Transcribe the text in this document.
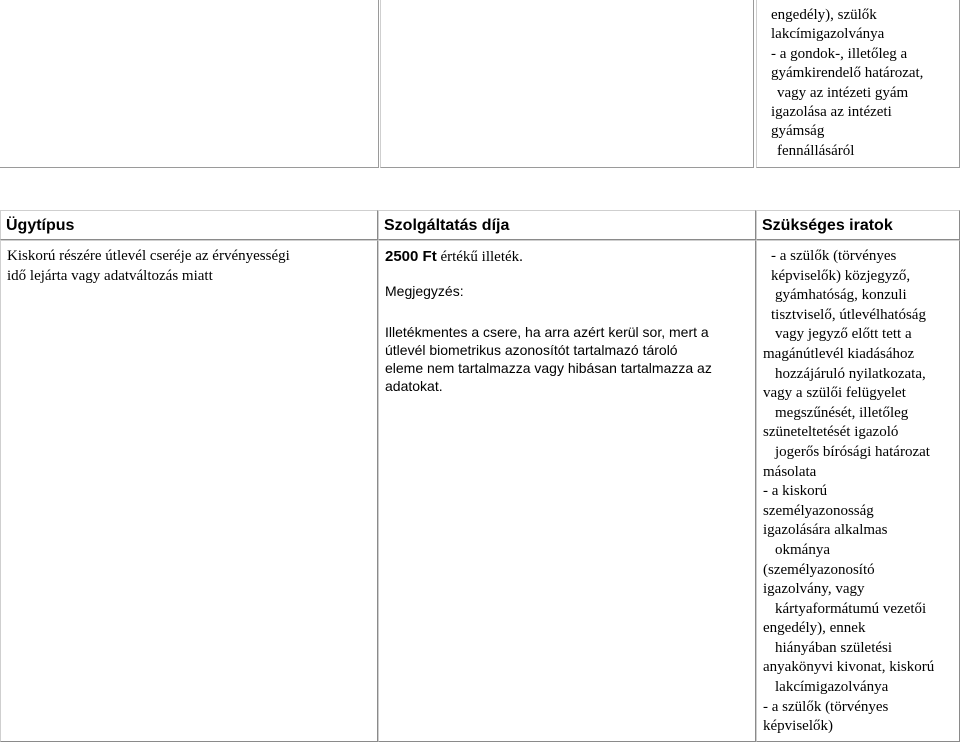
engedély), szülők
lakcímigazolványa
- a gondok-, illetőleg a
gyámkirendelő határozat,
vagy az intézeti gyám
igazolása az intézeti
gyámság
fennállásáról
Ügytípus	Szolgáltatás díja	Szükséges iratok
Kiskorú részére útlevél cseréje az érvényességi
idő lejárta vagy adatváltozás miatt
2500 Ft értékű illeték.
Megjegyzés:
Illetékmentes a csere, ha arra azért kerül sor, mert a
útlevél biometrikus azonosítót tartalmazó tároló
eleme nem tartalmazza vagy hibásan tartalmazza az
adatokat.
- a szülők (törvényes
képviselők) közjegyző,
gyámhatóság, konzuli
tisztviselő, útlevélhatóság
vagy jegyző előtt tett a
magánútlevél kiadásához
hozzájáruló nyilatkozata,
vagy a szülői felügyelet
megszűnését, illetőleg
szüneteltetését igazoló
jogerős bírósági határozat
másolata
- a kiskorú
személyazonosság
igazolására alkalmas
okmánya
(személyazonosító
igazolvány, vagy
kártyaformátumú vezetői
engedély), ennek
hiányában születési
anyakönyvi kivonat, kiskorú
lakcímigazolványa
- a szülők (törvényes
képviselők)
